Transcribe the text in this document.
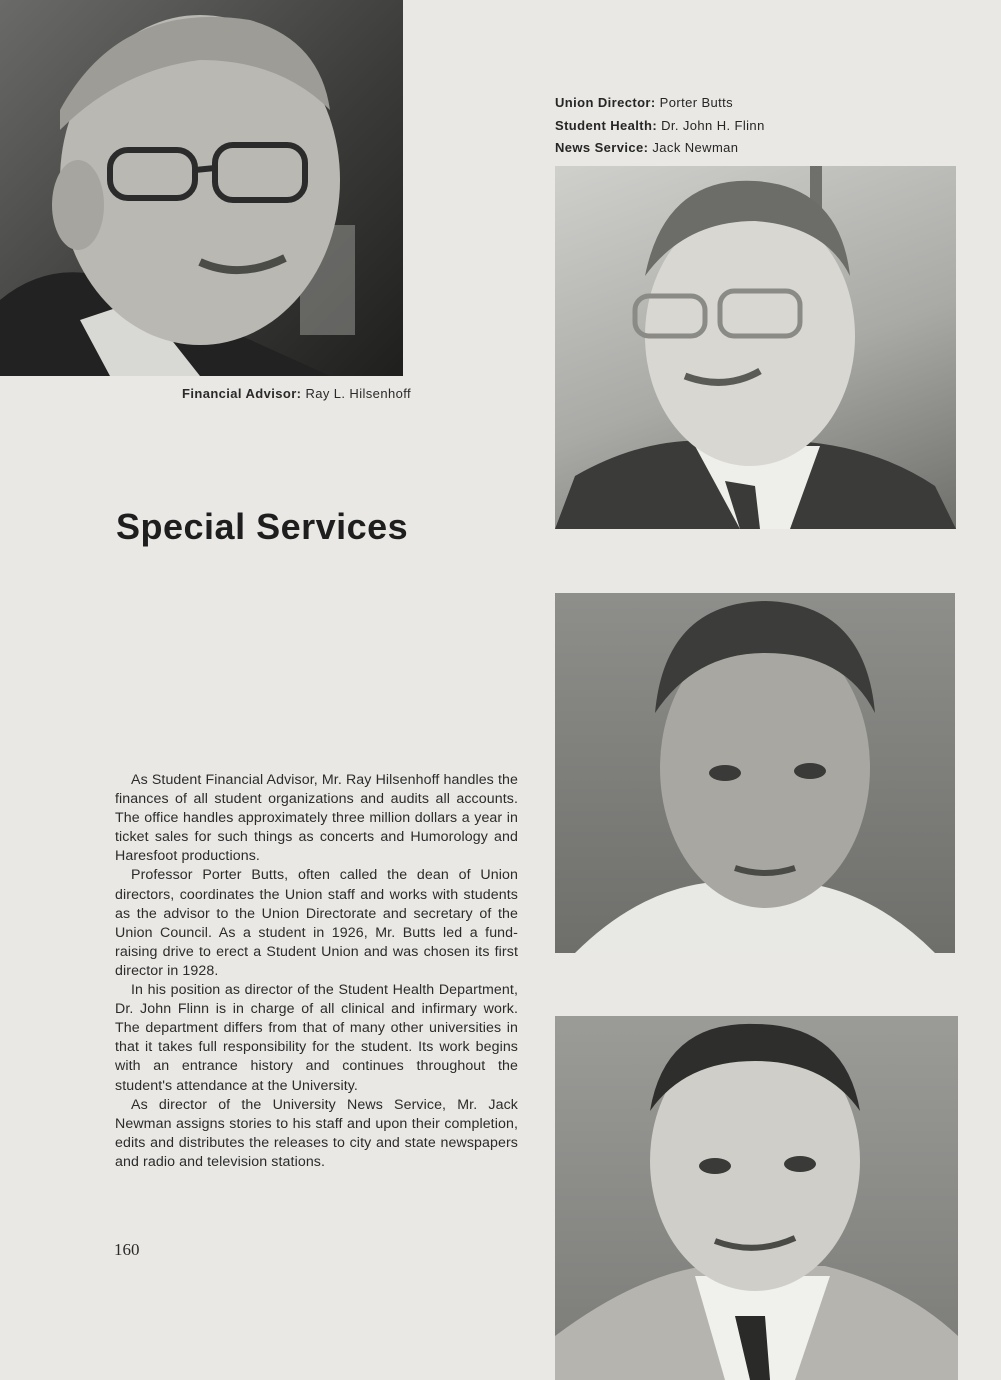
Financial Advisor: Ray L. Hilsenhoff
Union Director: Porter Butts
Student Health: Dr. John H. Flinn
News Service: Jack Newman
Special Services

As Student Financial Advisor, Mr. Ray Hilsenhoff handles the finances of all student organizations and audits all accounts. The office handles approximately three million dollars a year in ticket sales for such things as concerts and Humorology and Haresfoot productions.

Professor Porter Butts, often called the dean of Union directors, coordinates the Union staff and works with students as the advisor to the Union Directorate and secretary of the Union Council. As a student in 1926, Mr. Butts led a fund-raising drive to erect a Student Union and was chosen its first director in 1928.

In his position as director of the Student Health Department, Dr. John Flinn is in charge of all clinical and infirmary work. The department differs from that of many other universities in that it takes full responsibility for the student. Its work begins with an entrance history and continues throughout the student's attendance at the University.

As director of the University News Service, Mr. Jack Newman assigns stories to his staff and upon their completion, edits and distributes the releases to city and state newspapers and radio and television stations.

160
